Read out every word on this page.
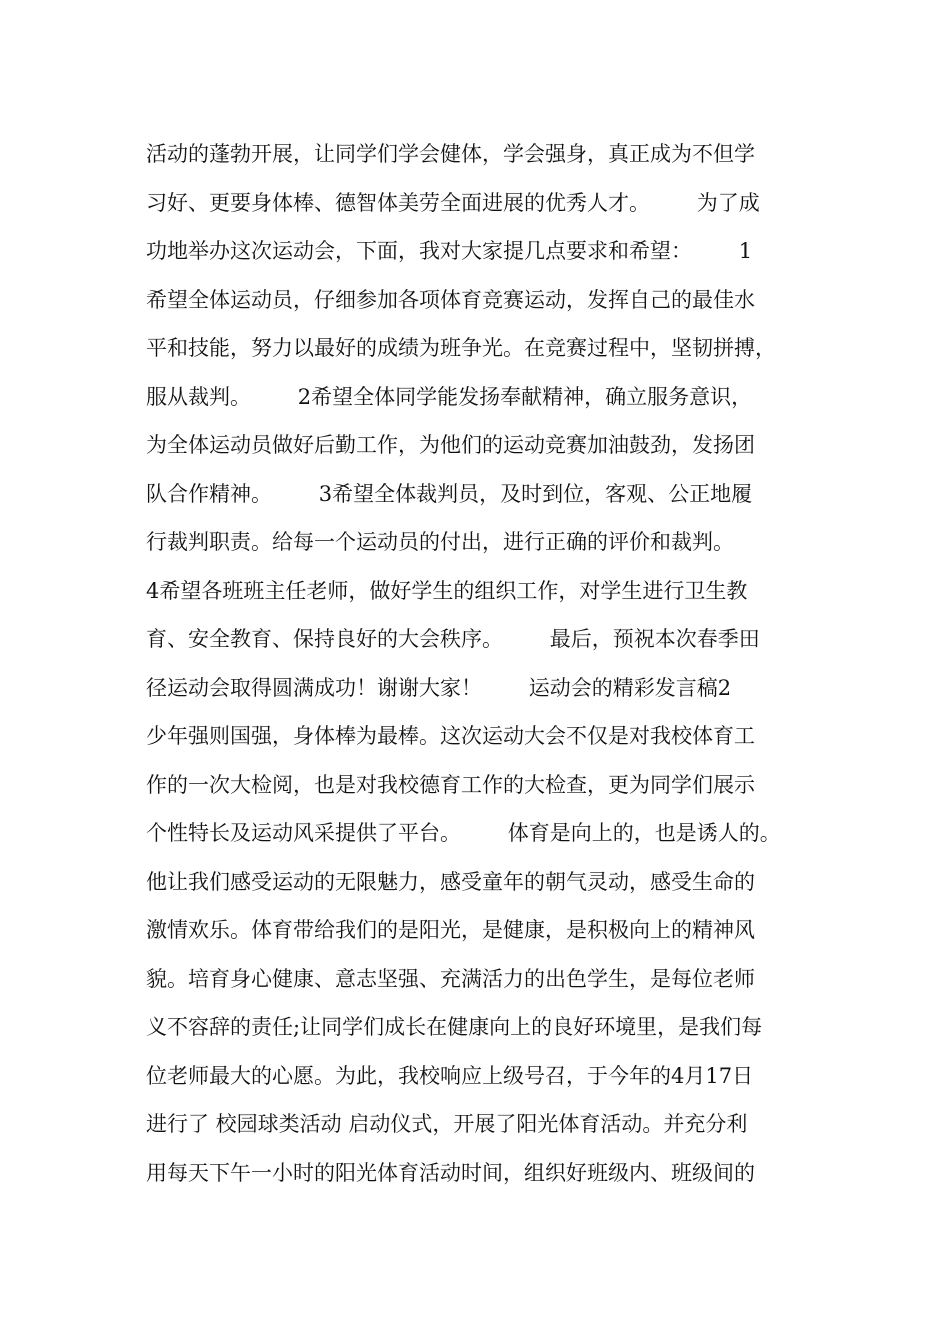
活动的蓬勃开展，让同学们学会健体，学会强身，真正成为不但学
习好、更要身体棒、德智体美劳全面进展的优秀人才。       为了成
功地举办这次运动会，下面，我对大家提几点要求和希望：       1
希望全体运动员，仔细参加各项体育竞赛运动，发挥自己的最佳水
平和技能，努力以最好的成绩为班争光。在竞赛过程中，坚韧拼搏，
服从裁判。       2希望全体同学能发扬奉献精神，确立服务意识，
为全体运动员做好后勤工作，为他们的运动竞赛加油鼓劲，发扬团
队合作精神。       3希望全体裁判员，及时到位，客观、公正地履
行裁判职责。给每一个运动员的付出，进行正确的评价和裁判。
4希望各班班主任老师，做好学生的组织工作，对学生进行卫生教
育、安全教育、保持良好的大会秩序。       最后，预祝本次春季田
径运动会取得圆满成功！谢谢大家！       运动会的精彩发言稿2
少年强则国强，身体棒为最棒。这次运动大会不仅是对我校体育工
作的一次大检阅，也是对我校德育工作的大检查，更为同学们展示
个性特长及运动风采提供了平台。       体育是向上的，也是诱人的。
他让我们感受运动的无限魅力，感受童年的朝气灵动，感受生命的
激情欢乐。体育带给我们的是阳光，是健康，是积极向上的精神风
貌。培育身心健康、意志坚强、充满活力的出色学生，是每位老师
义不容辞的责任;让同学们成长在健康向上的良好环境里，是我们每
位老师最大的心愿。为此，我校响应上级号召，于今年的4月17日
进行了 校园球类活动 启动仪式，开展了阳光体育活动。并充分利
用每天下午一小时的阳光体育活动时间，组织好班级内、班级间的
